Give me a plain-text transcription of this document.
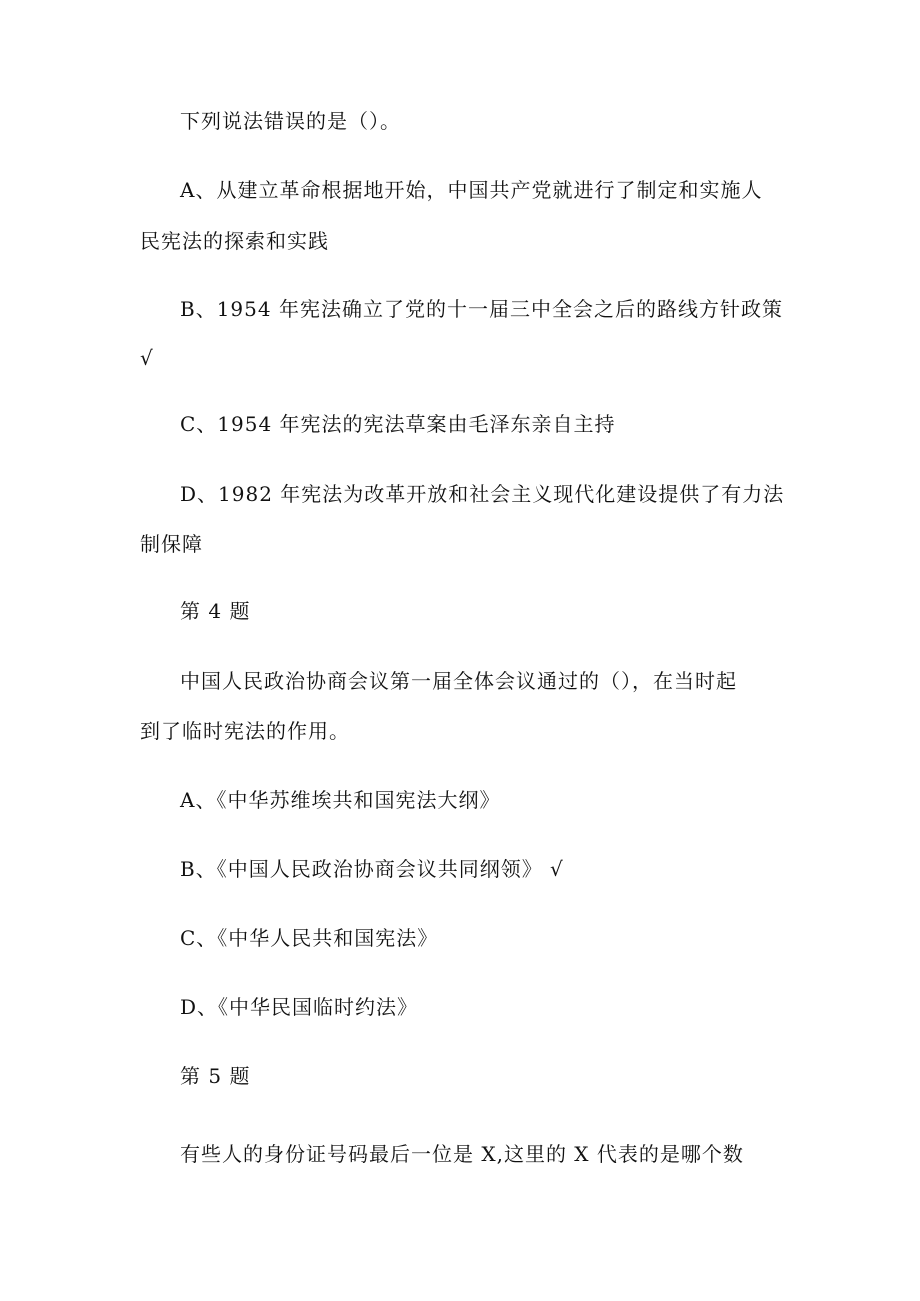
下列说法错误的是（）。
A、从建立革命根据地开始，中国共产党就进行了制定和实施人
民宪法的探索和实践
B、1954 年宪法确立了党的十一届三中全会之后的路线方针政策
√
C、1954 年宪法的宪法草案由毛泽东亲自主持
D、1982 年宪法为改革开放和社会主义现代化建设提供了有力法
制保障
第 4 题
中国人民政治协商会议第一届全体会议通过的（），在当时起
到了临时宪法的作用。
A、《中华苏维埃共和国宪法大纲》
B、《中国人民政治协商会议共同纲领》 √
C、《中华人民共和国宪法》
D、《中华民国临时约法》
第 5 题
有些人的身份证号码最后一位是 X,这里的 X 代表的是哪个数
